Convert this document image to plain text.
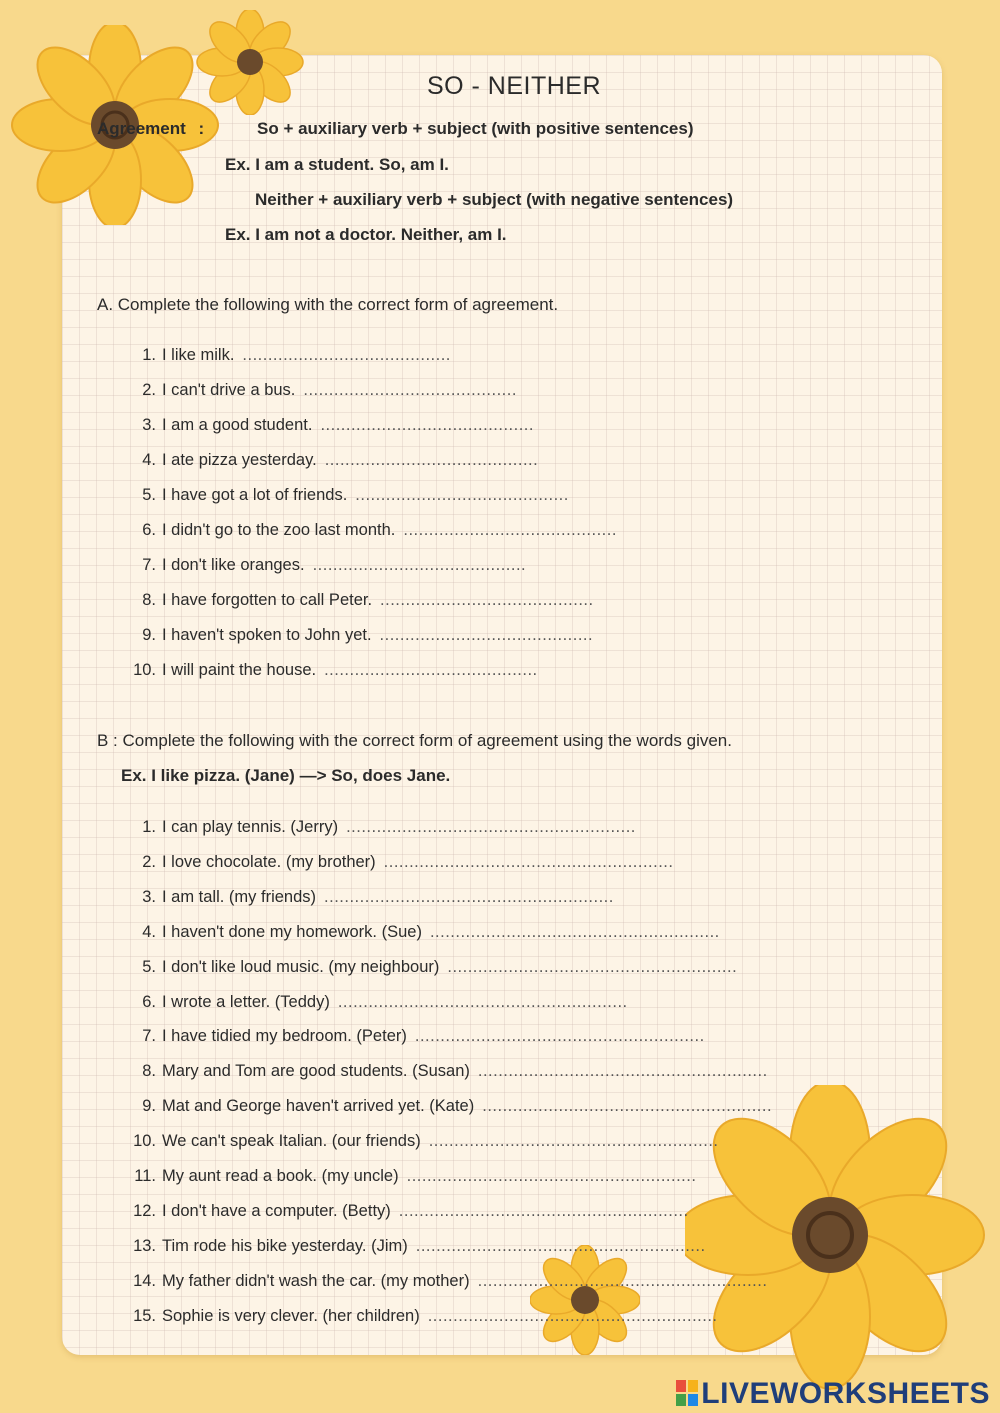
SO - NEITHER
Agreement :	So + auxiliary verb + subject (with positive sentences)
Ex. I am a student. So, am I.
Neither + auxiliary verb + subject (with negative sentences)
Ex. I am not a doctor. Neither, am I.
A. Complete the following with the correct form of agreement.
1. I like milk. .........................................
2. I can't drive a bus. ..........................................
3. I am a good student. ..........................................
4. I ate pizza yesterday. ..........................................
5. I have got a lot of friends. ..........................................
6. I didn't go to the zoo last month. ..........................................
7. I don't like oranges. ..........................................
8. I have forgotten to call Peter. ..........................................
9. I haven't spoken to John yet. ..........................................
10. I will paint the house. ..........................................
B : Complete the following with the correct form of agreement using the words given.
Ex. I like pizza. (Jane) —> So, does Jane.
1. I can play tennis. (Jerry) .........................................................
2. I love chocolate. (my brother) .........................................................
3. I am tall. (my friends) .........................................................
4. I haven't done my homework. (Sue) .........................................................
5. I don't like loud music. (my neighbour) .........................................................
6. I wrote a letter. (Teddy) .........................................................
7. I have tidied my bedroom. (Peter) .........................................................
8. Mary and Tom are good students. (Susan) .........................................................
9. Mat and George haven't arrived yet. (Kate) .........................................................
10. We can't speak Italian. (our friends) .........................................................
11. My aunt read a book. (my uncle) .........................................................
12. I don't have a computer. (Betty) .........................................................
13. Tim rode his bike yesterday. (Jim) .........................................................
14. My father didn't wash the car. (my mother) .........................................................
15. Sophie is very clever. (her children) .........................................................
LIVEWORKSHEETS
